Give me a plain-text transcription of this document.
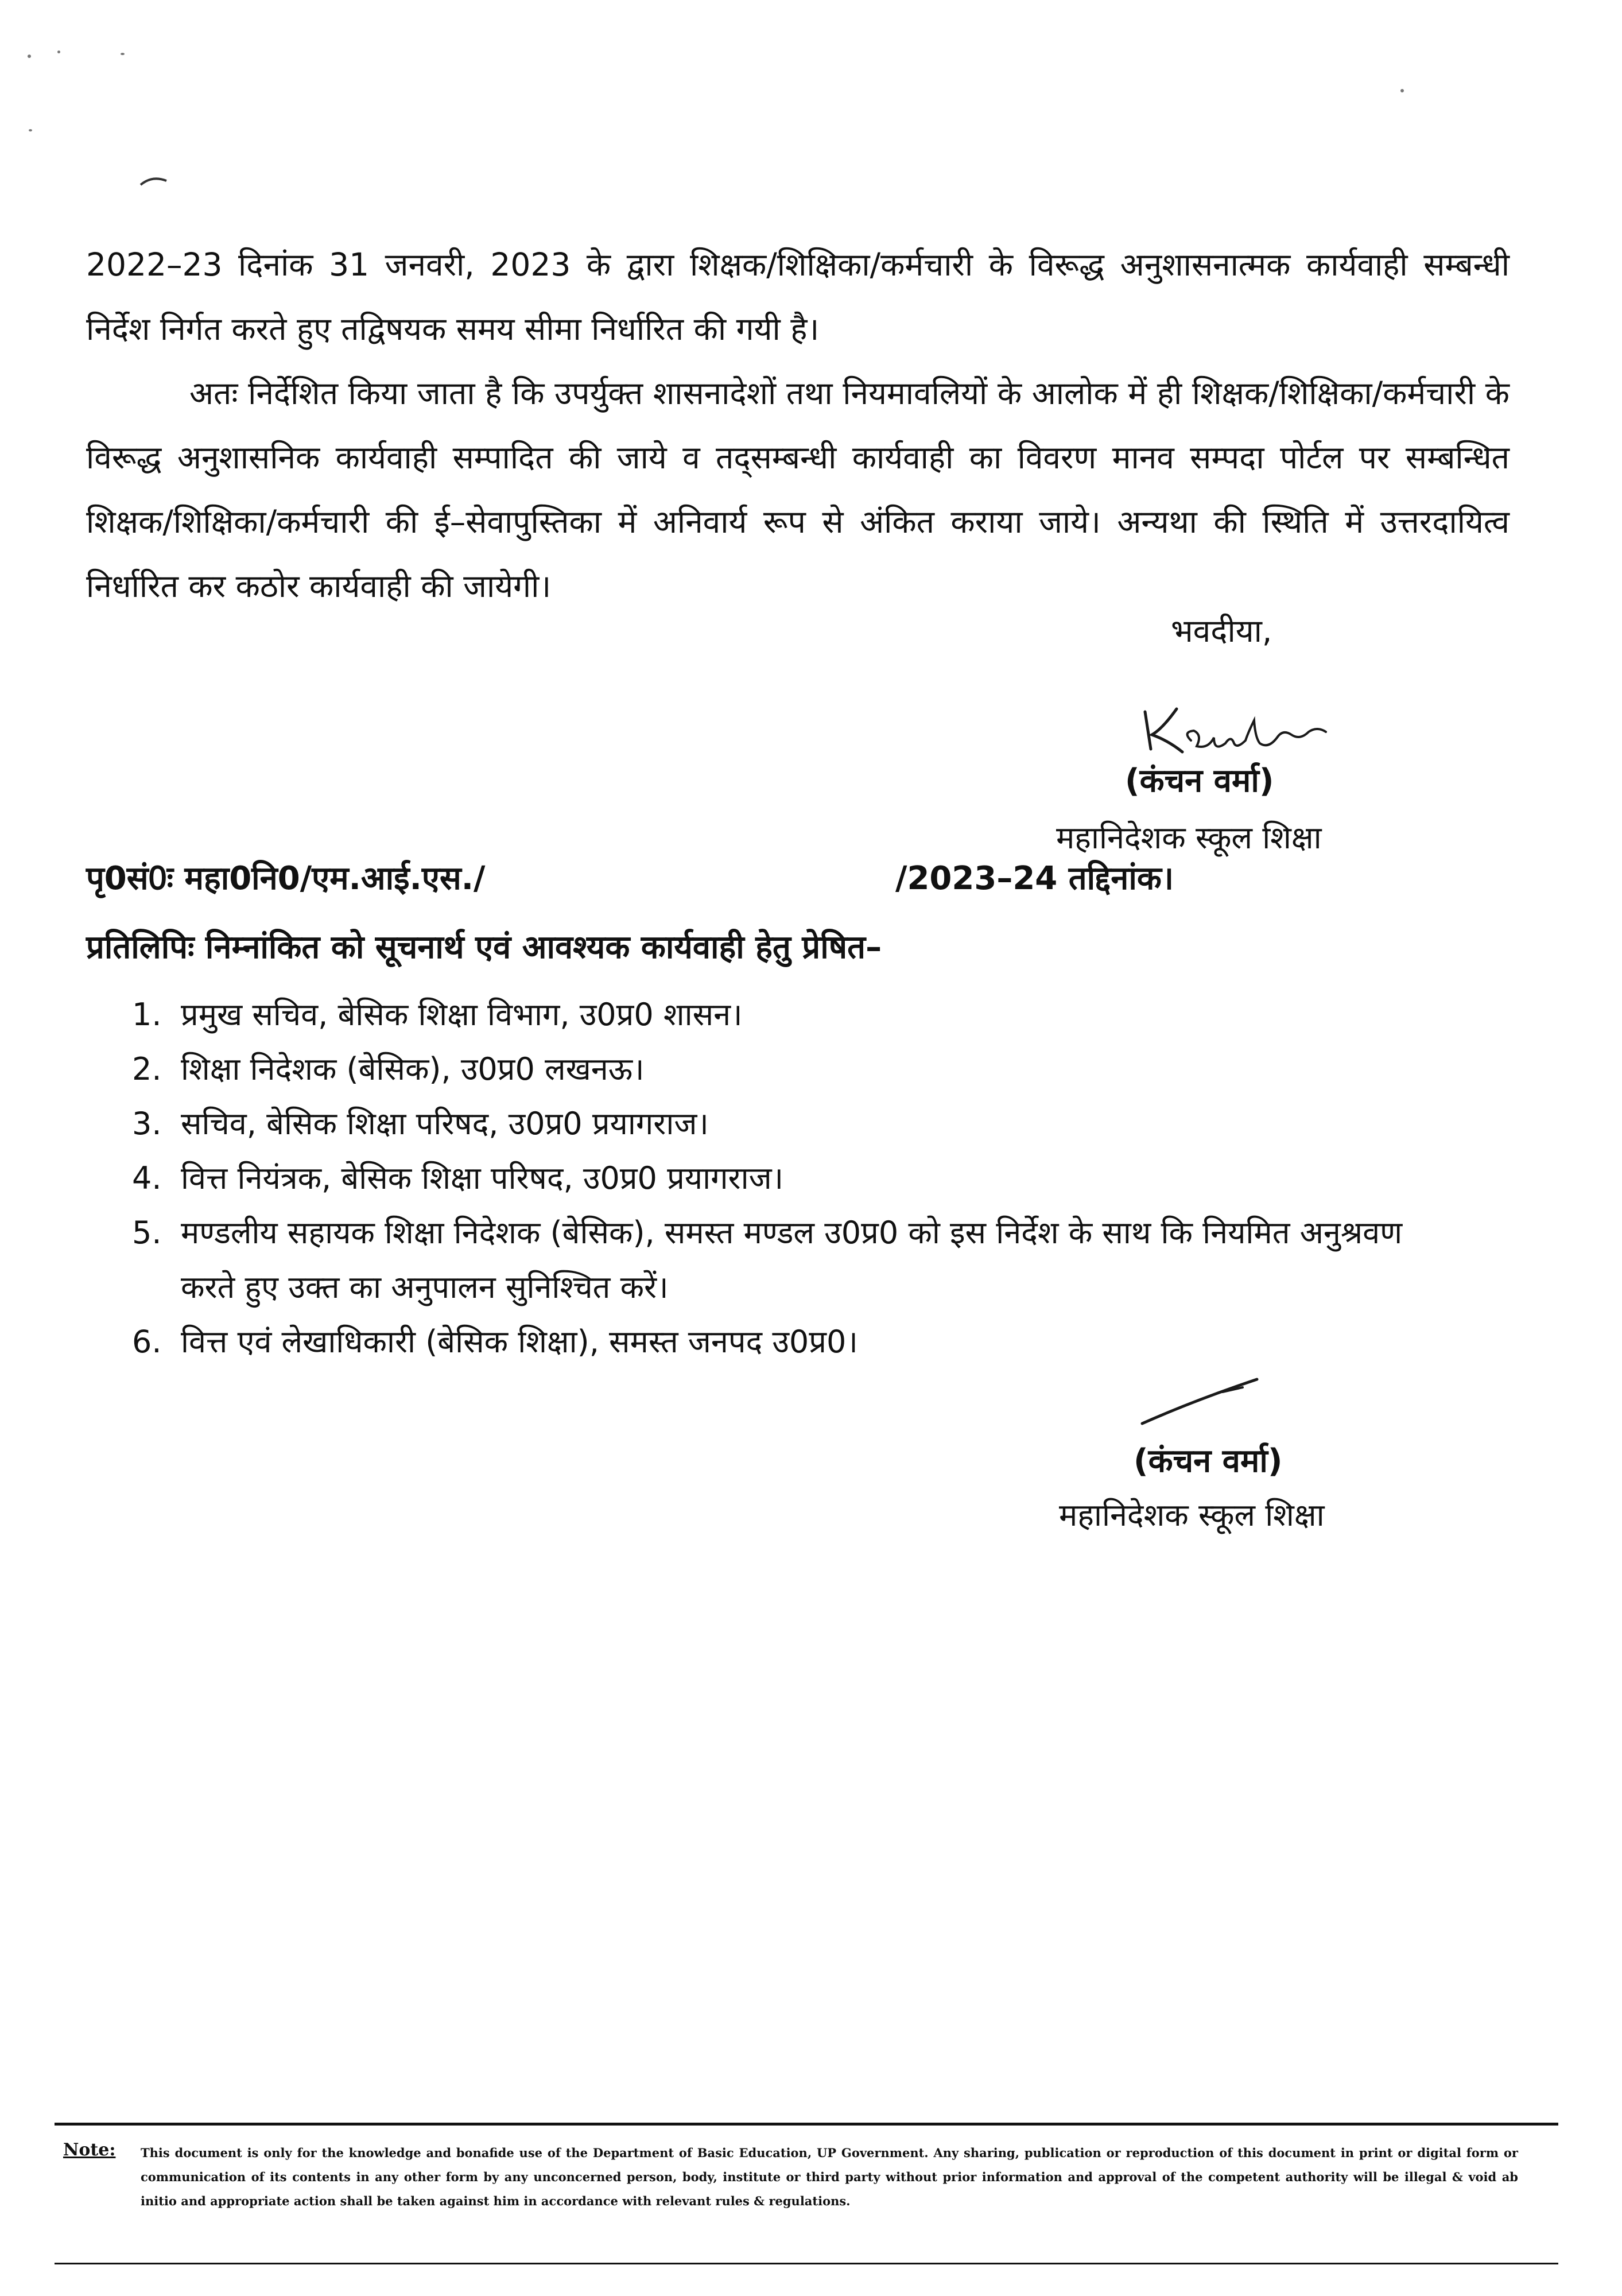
2022–23 दिनांक 31 जनवरी, 2023 के द्वारा शिक्षक/शिक्षिका/कर्मचारी के विरूद्ध अनुशासनात्मक कार्यवाही सम्बन्धी निर्देश निर्गत करते हुए तद्विषयक समय सीमा निर्धारित की गयी है।

अतः निर्देशित किया जाता है कि उपर्युक्त शासनादेशों तथा नियमावलियों के आलोक में ही शिक्षक/शिक्षिका/कर्मचारी के विरूद्ध अनुशासनिक कार्यवाही सम्पादित की जाये व तद्सम्बन्धी कार्यवाही का विवरण मानव सम्पदा पोर्टल पर सम्बन्धित शिक्षक/शिक्षिका/कर्मचारी की ई–सेवापुस्तिका में अनिवार्य रूप से अंकित कराया जाये। अन्यथा की स्थिति में उत्तरदायित्व निर्धारित कर कठोर कार्यवाही की जायेगी।

भवदीया,
(कंचन वर्मा)
महानिदेशक स्कूल शिक्षा
पृ0सं0ः महा0नि0/एम.आई.एस./	/2023–24 तद्दिनांक।
प्रतिलिपिः निम्नांकित को सूचनार्थ एवं आवश्यक कार्यवाही हेतु प्रेषित–
1. प्रमुख सचिव, बेसिक शिक्षा विभाग, उ0प्र0 शासन।
2. शिक्षा निदेशक (बेसिक), उ0प्र0 लखनऊ।
3. सचिव, बेसिक शिक्षा परिषद, उ0प्र0 प्रयागराज।
4. वित्त नियंत्रक, बेसिक शिक्षा परिषद, उ0प्र0 प्रयागराज।
5. मण्डलीय सहायक शिक्षा निदेशक (बेसिक), समस्त मण्डल उ0प्र0 को इस निर्देश के साथ कि नियमित अनुश्रवण करते हुए उक्त का अनुपालन सुनिश्चित करें।
6. वित्त एवं लेखाधिकारी (बेसिक शिक्षा), समस्त जनपद उ0प्र0।
(कंचन वर्मा)
महानिदेशक स्कूल शिक्षा
Note: This document is only for the knowledge and bonafide use of the Department of Basic Education, UP Government. Any sharing, publication or reproduction of this document in print or digital form or communication of its contents in any other form by any unconcerned person, body, institute or third party without prior information and approval of the competent authority will be illegal & void ab initio and appropriate action shall be taken against him in accordance with relevant rules & regulations.
